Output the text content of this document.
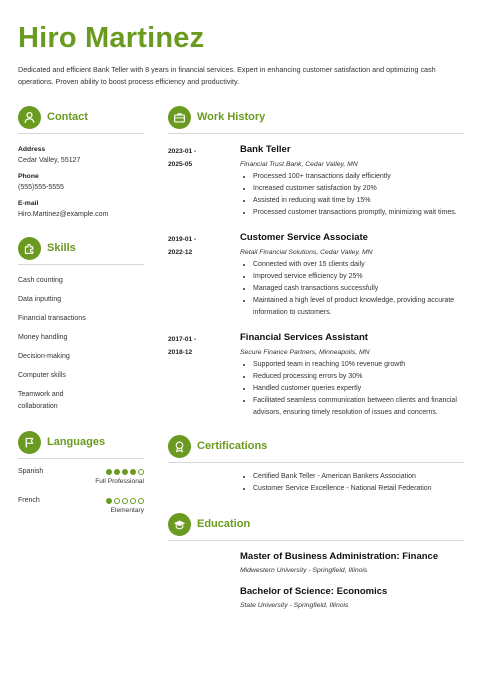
Hiro Martinez
Dedicated and efficient Bank Teller with 8 years in financial services. Expert in enhancing customer satisfaction and optimizing cash operations. Proven ability to boost process efficiency and productivity.
Contact
Address
Cedar Valley, 55127
Phone
(555)555-5555
E-mail
Hiro.Martinez@example.com
Skills
Cash counting
Data inputting
Financial transactions
Money handling
Decision-making
Computer skills
Teamwork and collaboration
Languages
Spanish
Full Professional
French
Elementary
Work History
2023-01 -
2025-05
Bank Teller
Financial Trust Bank, Cedar Valley, MN
• Processed 100+ transactions daily efficiently
• Increased customer satisfaction by 20%
• Assisted in reducing wait time by 15%
• Processed customer transactions promptly, minimizing wait times.
2019-01 -
2022-12
Customer Service Associate
Retail Financial Solutions, Cedar Valley, MN
• Connected with over 15 clients daily
• Improved service efficiency by 25%
• Managed cash transactions successfully
• Maintained a high level of product knowledge, providing accurate information to customers.
2017-01 -
2018-12
Financial Services Assistant
Secure Finance Partners, Minneapolis, MN
• Supported team in reaching 10% revenue growth
• Reduced processing errors by 30%
• Handled customer queries expertly
• Facilitated seamless communication between clients and financial advisors, ensuring timely resolution of issues and concerns.
Certifications
• Certified Bank Teller - American Bankers Association
• Customer Service Excellence - National Retail Federation
Education
Master of Business Administration: Finance
Midwestern University - Springfield, Illinois
Bachelor of Science: Economics
State University - Springfield, Illinois
